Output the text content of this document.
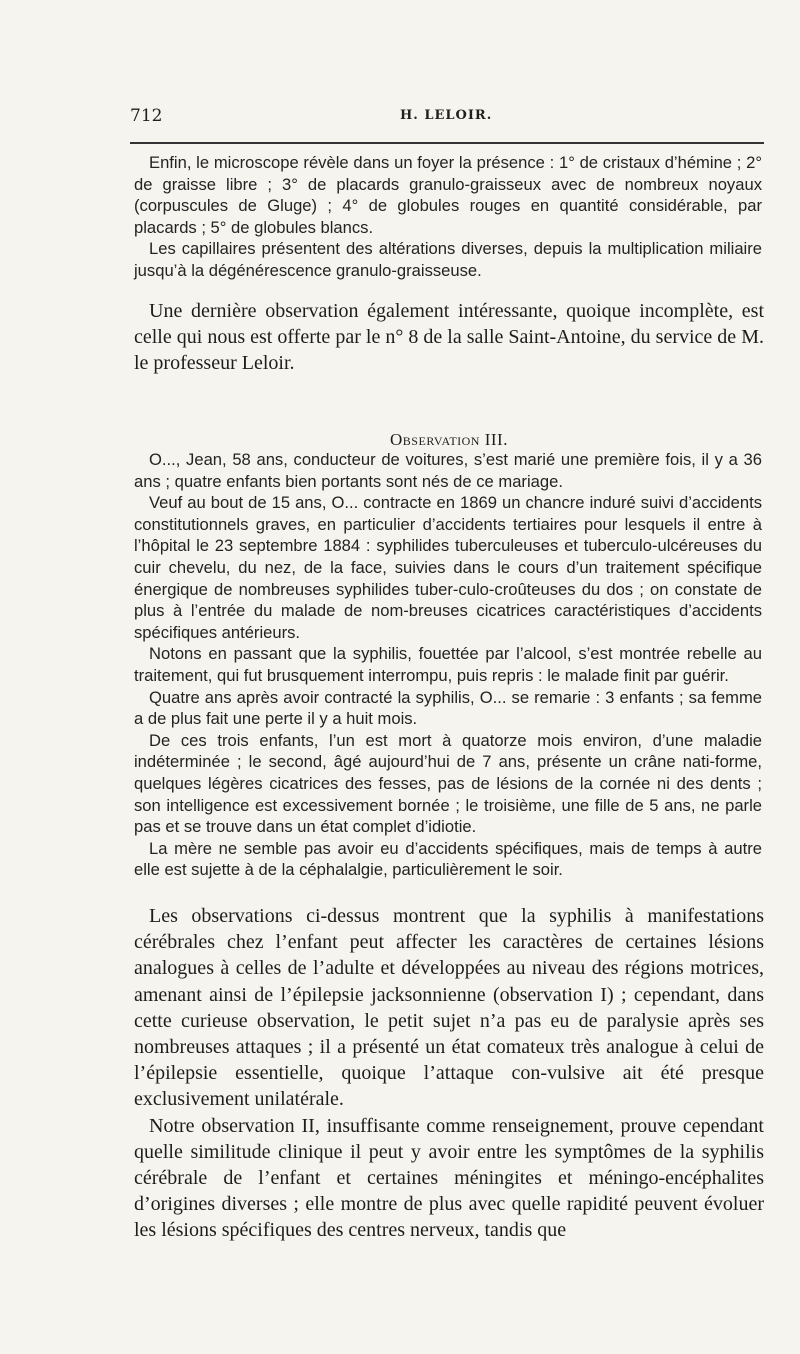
712	H. LELOIR.

Enfin, le microscope révèle dans un foyer la présence : 1° de cristaux d’hémine ; 2° de graisse libre ; 3° de placards granulo-graisseux avec de nombreux noyaux (corpuscules de Gluge) ; 4° de globules rouges en quantité considérable, par placards ; 5° de globules blancs.

Les capillaires présentent des altérations diverses, depuis la multiplication miliaire jusqu’à la dégénérescence granulo-graisseuse.

Une dernière observation également intéressante, quoique incomplète, est celle qui nous est offerte par le n° 8 de la salle Saint-Antoine, du service de M. le professeur Leloir.

Observation III.

O..., Jean, 58 ans, conducteur de voitures, s’est marié une première fois, il y a 36 ans ; quatre enfants bien portants sont nés de ce mariage.

Veuf au bout de 15 ans, O... contracte en 1869 un chancre induré suivi d’accidents constitutionnels graves, en particulier d’accidents tertiaires pour lesquels il entre à l’hôpital le 23 septembre 1884 : syphilides tuberculeuses et tuberculo-ulcéreuses du cuir chevelu, du nez, de la face, suivies dans le cours d’un traitement spécifique énergique de nombreuses syphilides tuber-culo-croûteuses du dos ; on constate de plus à l’entrée du malade de nom-breuses cicatrices caractéristiques d’accidents spécifiques antérieurs.

Notons en passant que la syphilis, fouettée par l’alcool, s’est montrée rebelle au traitement, qui fut brusquement interrompu, puis repris : le malade finit par guérir.

Quatre ans après avoir contracté la syphilis, O... se remarie : 3 enfants ; sa femme a de plus fait une perte il y a huit mois.

De ces trois enfants, l’un est mort à quatorze mois environ, d’une maladie indéterminée ; le second, âgé aujourd’hui de 7 ans, présente un crâne nati-forme, quelques légères cicatrices des fesses, pas de lésions de la cornée ni des dents ; son intelligence est excessivement bornée ; le troisième, une fille de 5 ans, ne parle pas et se trouve dans un état complet d’idiotie.

La mère ne semble pas avoir eu d’accidents spécifiques, mais de temps à autre elle est sujette à de la céphalalgie, particulièrement le soir.

Les observations ci-dessus montrent que la syphilis à manifestations cérébrales chez l’enfant peut affecter les caractères de certaines lésions analogues à celles de l’adulte et développées au niveau des régions motrices, amenant ainsi de l’épilepsie jacksonnienne (observation I) ; cependant, dans cette curieuse observation, le petit sujet n’a pas eu de paralysie après ses nombreuses attaques ; il a présenté un état comateux très analogue à celui de l’épilepsie essentielle, quoique l’attaque con-vulsive ait été presque exclusivement unilatérale.

Notre observation II, insuffisante comme renseignement, prouve cependant quelle similitude clinique il peut y avoir entre les symptômes de la syphilis cérébrale de l’enfant et certaines méningites et méningo-encéphalites d’origines diverses ; elle montre de plus avec quelle rapidité peuvent évoluer les lésions spécifiques des centres nerveux, tandis que
